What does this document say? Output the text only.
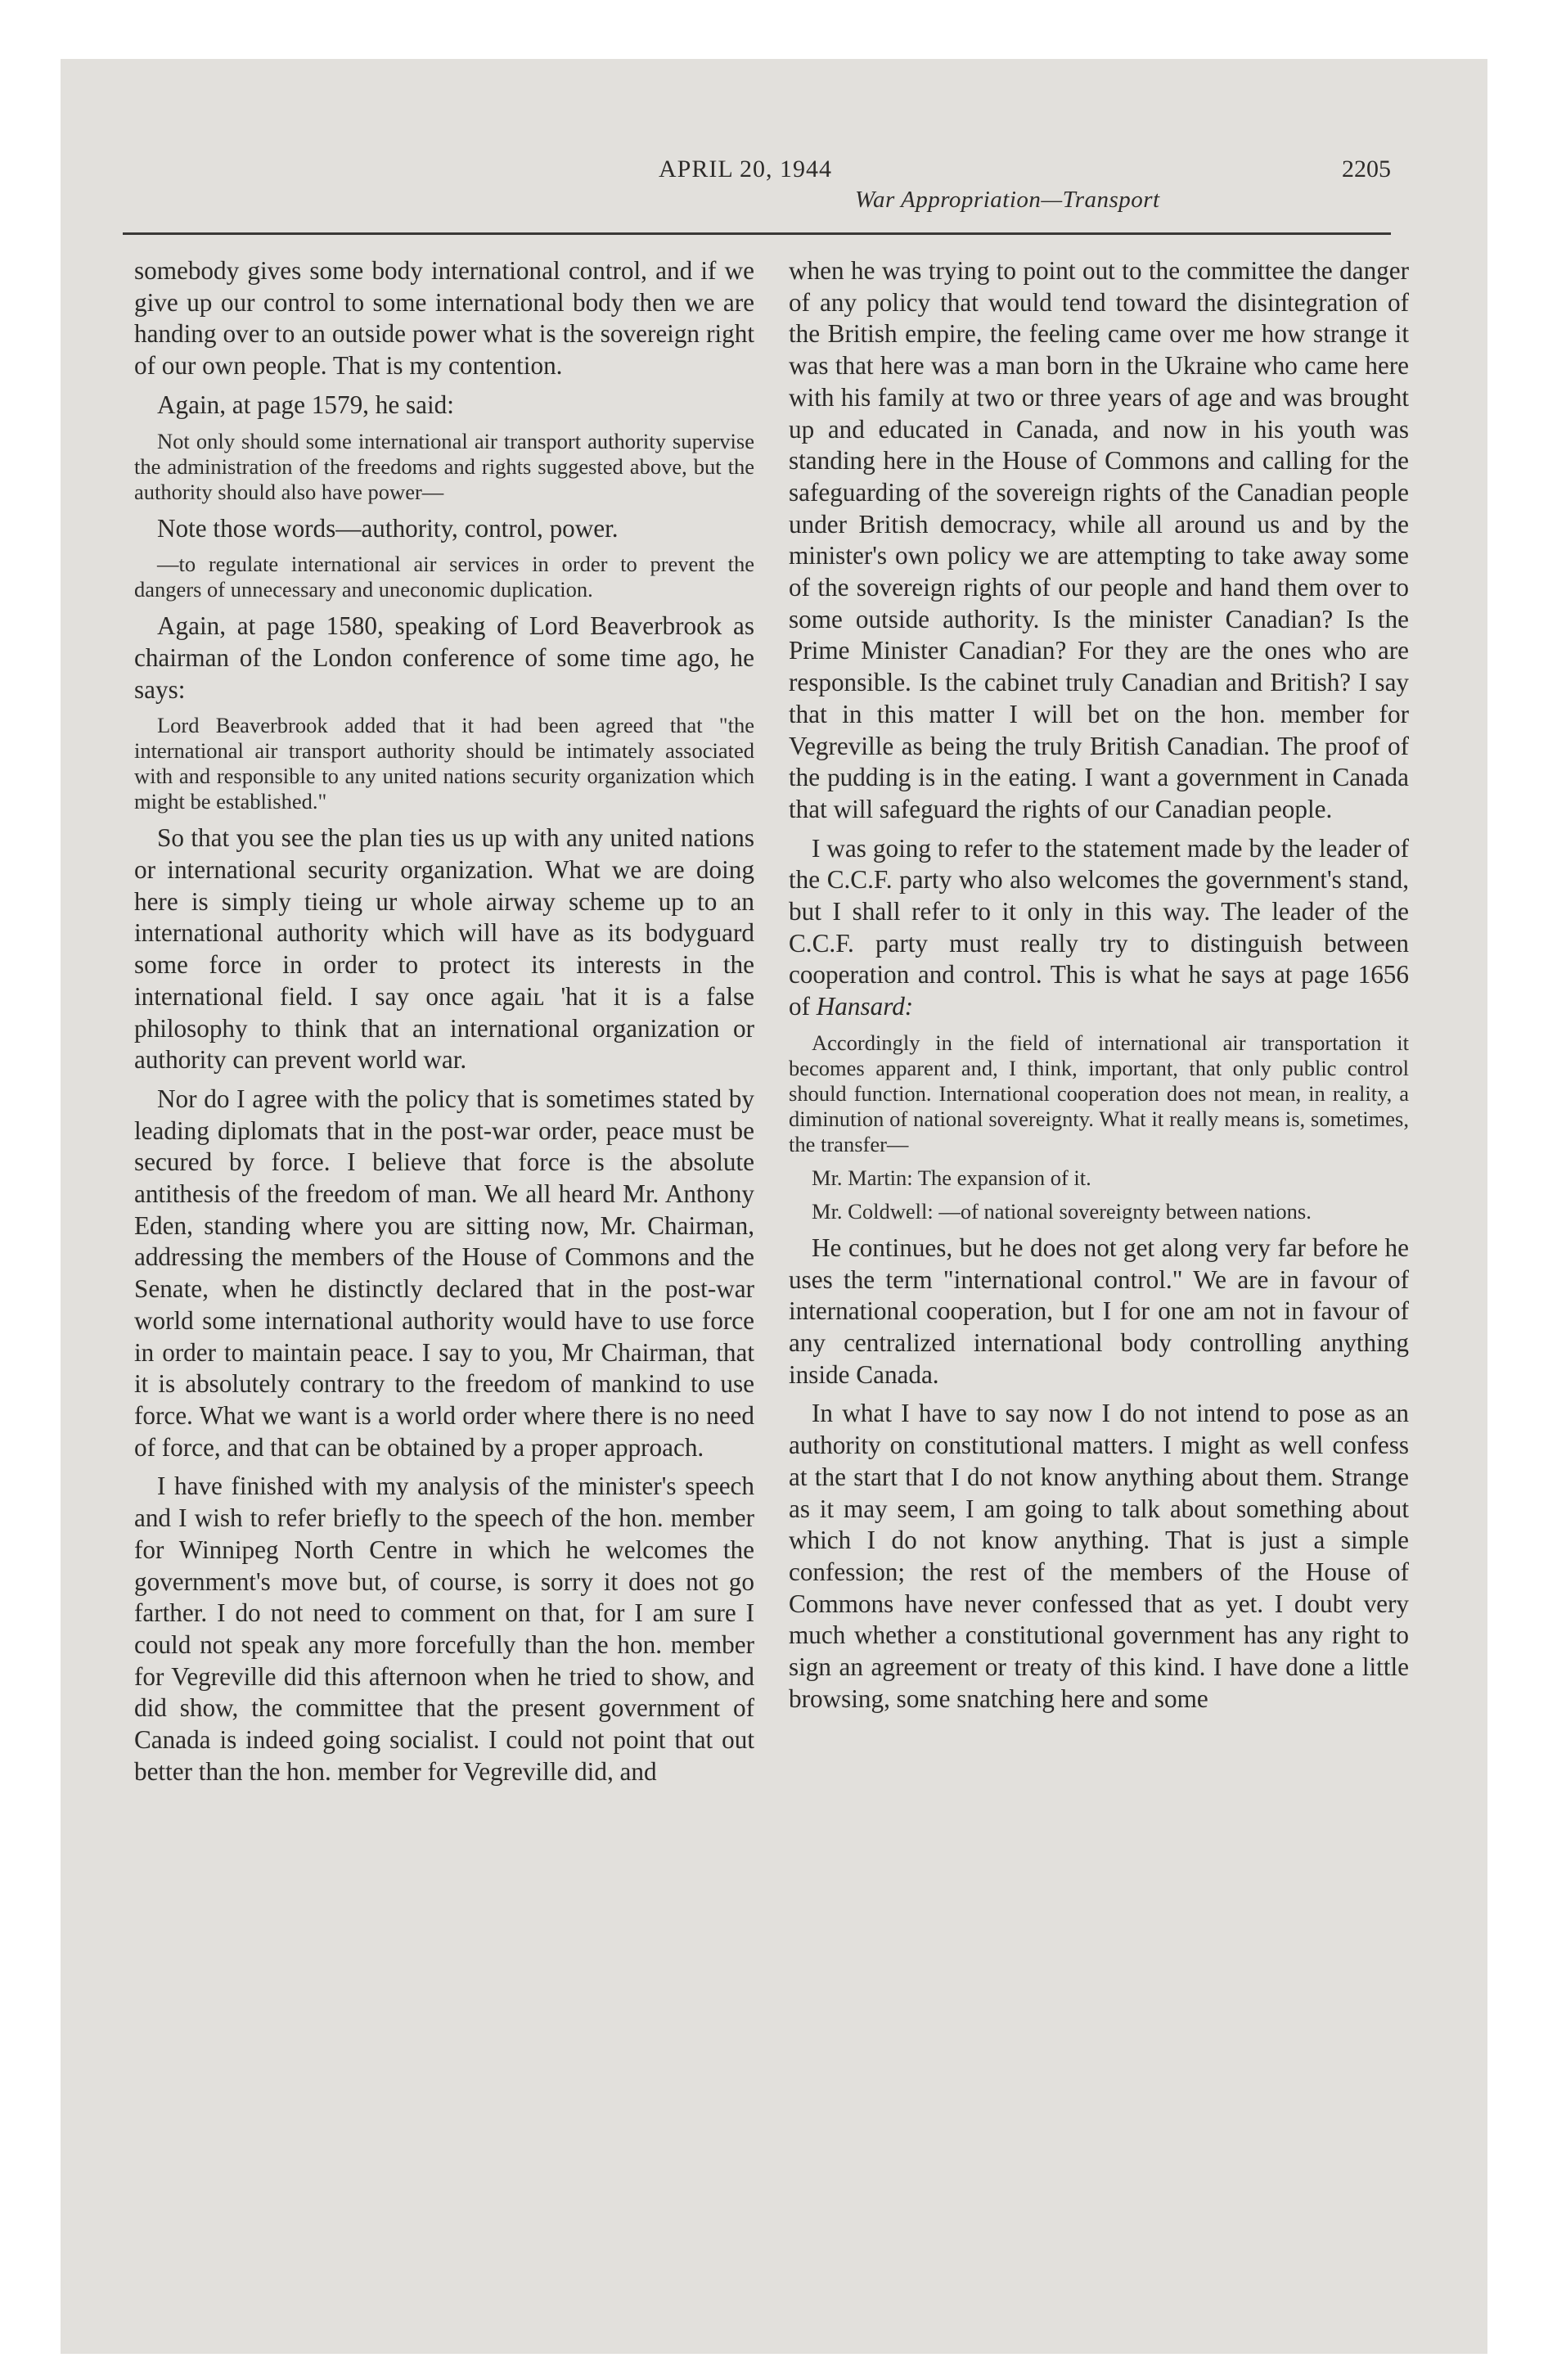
APRIL 20, 1944	2205
War Appropriation—Transport

somebody gives some body international control, and if we give up our control to some international body then we are handing over to an outside power what is the sovereign right of our own people. That is my contention.

Again, at page 1579, he said:

Not only should some international air transport authority supervise the administration of the freedoms and rights suggested above, but the authority should also have power—

Note those words—authority, control, power.

—to regulate international air services in order to prevent the dangers of unnecessary and uneconomic duplication.

Again, at page 1580, speaking of Lord Beaverbrook as chairman of the London conference of some time ago, he says:

Lord Beaverbrook added that it had been agreed that "the international air transport authority should be intimately associated with and responsible to any united nations security organization which might be established."

So that you see the plan ties us up with any united nations or international security organization. What we are doing here is simply tieing ur whole airway scheme up to an international authority which will have as its bodyguard some force in order to protect its interests in the international field. I say once agaiʟ 'hat it is a false philosophy to think that an international organization or authority can prevent world war.

Nor do I agree with the policy that is sometimes stated by leading diplomats that in the post-war order, peace must be secured by force. I believe that force is the absolute antithesis of the freedom of man. We all heard Mr. Anthony Eden, standing where you are sitting now, Mr. Chairman, addressing the members of the House of Commons and the Senate, when he distinctly declared that in the post-war world some international authority would have to use force in order to maintain peace. I say to you, Mr Chairman, that it is absolutely contrary to the freedom of mankind to use force. What we want is a world order where there is no need of force, and that can be obtained by a proper approach.

I have finished with my analysis of the minister's speech and I wish to refer briefly to the speech of the hon. member for Winnipeg North Centre in which he welcomes the government's move but, of course, is sorry it does not go farther. I do not need to comment on that, for I am sure I could not speak any more forcefully than the hon. member for Vegreville did this afternoon when he tried to show, and did show, the committee that the present government of Canada is indeed going socialist. I could not point that out better than the hon. member for Vegreville did, and

when he was trying to point out to the committee the danger of any policy that would tend toward the disintegration of the British empire, the feeling came over me how strange it was that here was a man born in the Ukraine who came here with his family at two or three years of age and was brought up and educated in Canada, and now in his youth was standing here in the House of Commons and calling for the safeguarding of the sovereign rights of the Canadian people under British democracy, while all around us and by the minister's own policy we are attempting to take away some of the sovereign rights of our people and hand them over to some outside authority. Is the minister Canadian? Is the Prime Minister Canadian? For they are the ones who are responsible. Is the cabinet truly Canadian and British? I say that in this matter I will bet on the hon. member for Vegreville as being the truly British Canadian. The proof of the pudding is in the eating. I want a government in Canada that will safeguard the rights of our Canadian people.

I was going to refer to the statement made by the leader of the C.C.F. party who also welcomes the government's stand, but I shall refer to it only in this way. The leader of the C.C.F. party must really try to distinguish between cooperation and control. This is what he says at page 1656 of Hansard:

Accordingly in the field of international air transportation it becomes apparent and, I think, important, that only public control should function. International cooperation does not mean, in reality, a diminution of national sovereignty. What it really means is, sometimes, the transfer—

Mr. Martin: The expansion of it.

Mr. Coldwell: —of national sovereignty between nations.

He continues, but he does not get along very far before he uses the term "international control." We are in favour of international cooperation, but I for one am not in favour of any centralized international body controlling anything inside Canada.

In what I have to say now I do not intend to pose as an authority on constitutional matters. I might as well confess at the start that I do not know anything about them. Strange as it may seem, I am going to talk about something about which I do not know anything. That is just a simple confession; the rest of the members of the House of Commons have never confessed that as yet. I doubt very much whether a constitutional government has any right to sign an agreement or treaty of this kind. I have done a little browsing, some snatching here and some
